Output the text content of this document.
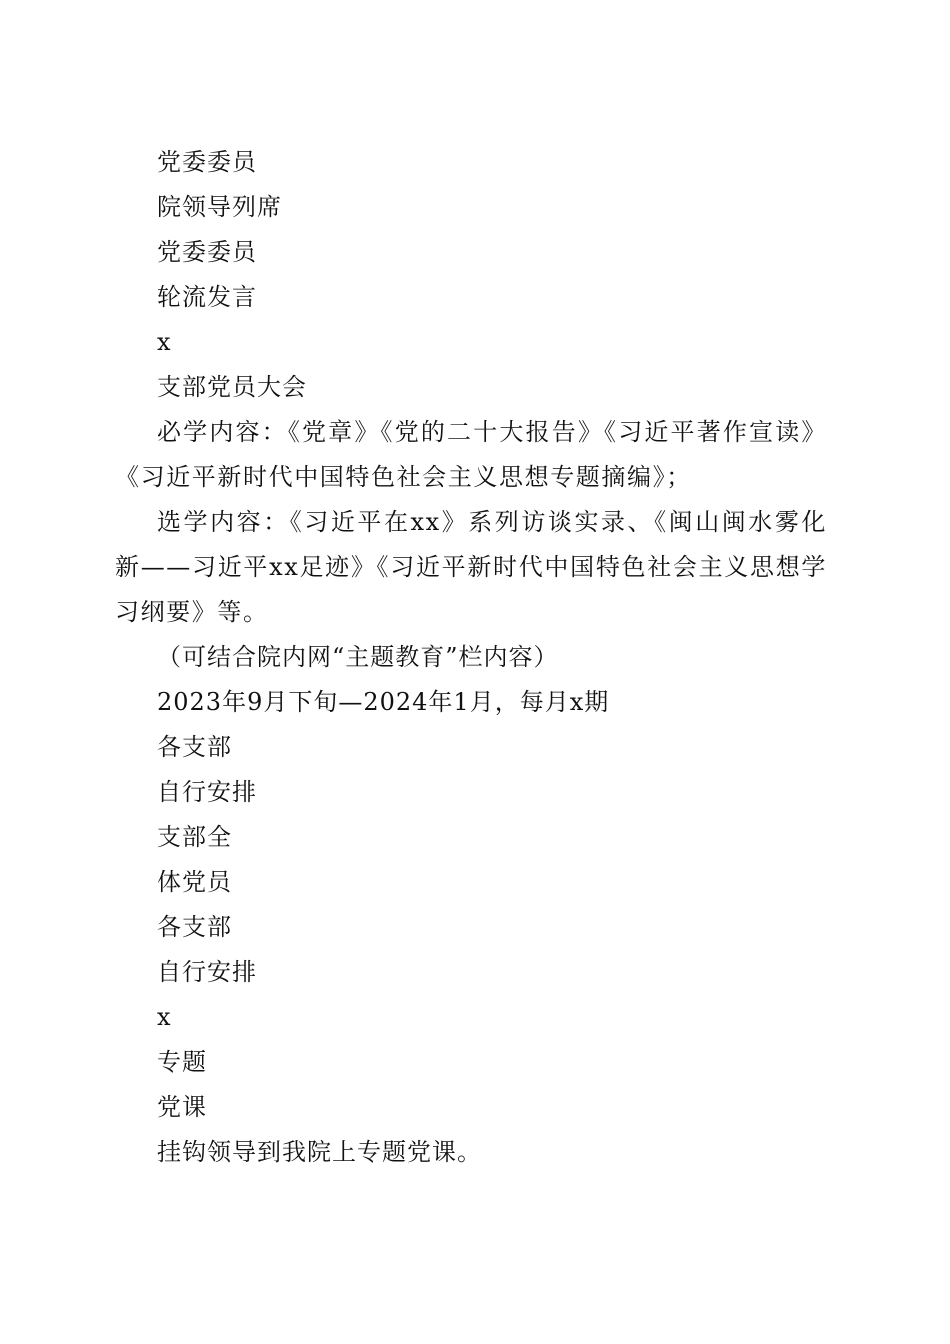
党委委员
院领导列席
党委委员
轮流发言
x
支部党员大会
必学内容：《党章》《党的二十大报告》《习近平著作宣读》《习近平新时代中国特色社会主义思想专题摘编》；
选学内容：《习近平在xx》系列访谈实录、《闽山闽水雾化新——习近平xx足迹》《习近平新时代中国特色社会主义思想学习纲要》等。
（可结合院内网“主题教育”栏内容）
2023年9月下旬—2024年1月，每月x期
各支部
自行安排
支部全
体党员
各支部
自行安排
x
专题
党课
挂钩领导到我院上专题党课。
